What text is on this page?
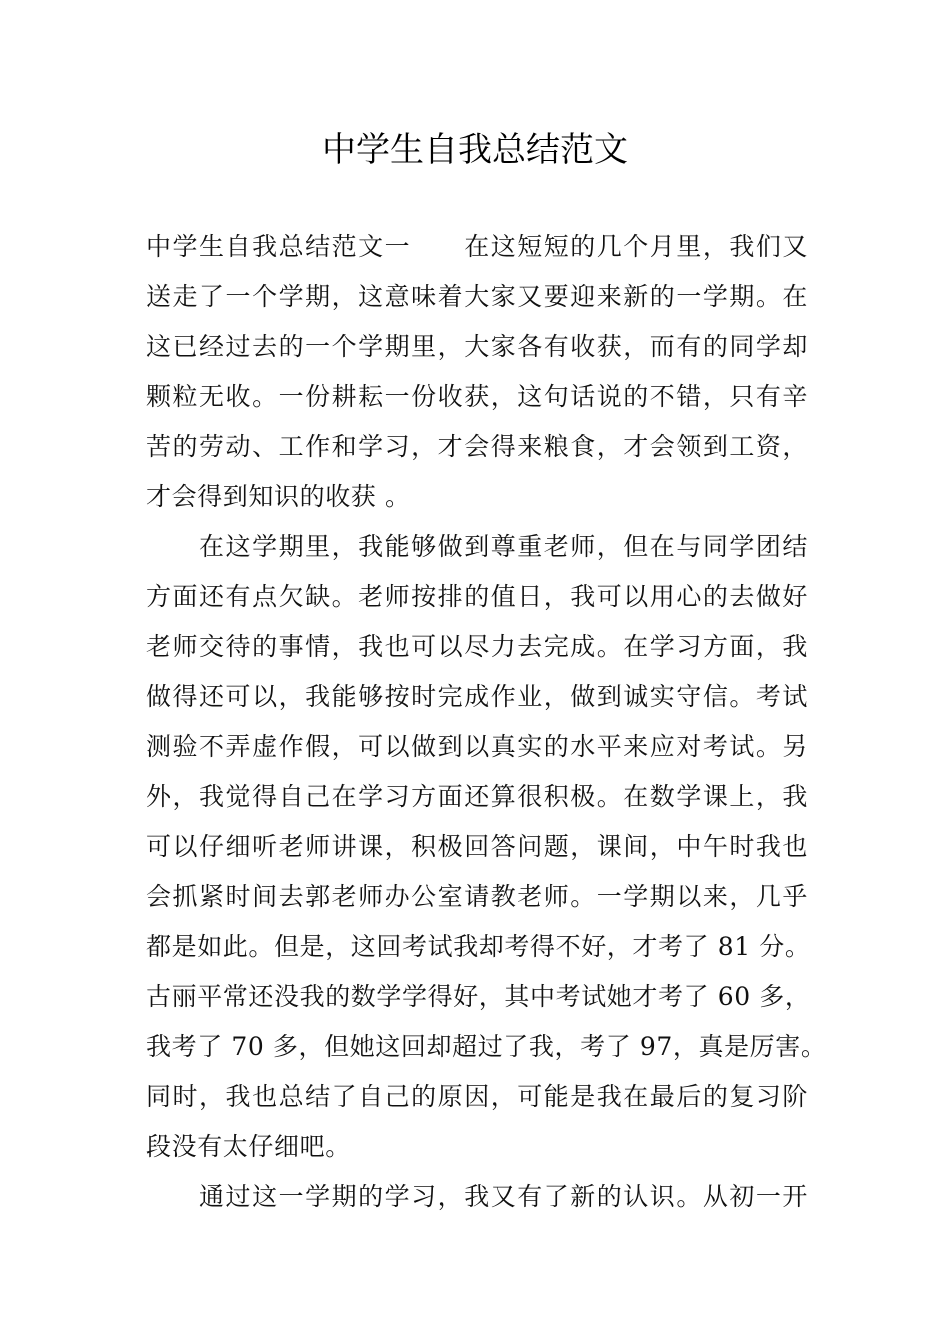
中学生自我总结范文
中学生自我总结范文一　　在这短短的几个月里，我们又
送走了一个学期，这意味着大家又要迎来新的一学期。在
这已经过去的一个学期里，大家各有收获，而有的同学却
颗粒无收。一份耕耘一份收获，这句话说的不错，只有辛
苦的劳动、工作和学习，才会得来粮食，才会领到工资，
才会得到知识的收获 。
　　在这学期里，我能够做到尊重老师，但在与同学团结
方面还有点欠缺。老师按排的值日，我可以用心的去做好
老师交待的事情，我也可以尽力去完成。在学习方面，我
做得还可以，我能够按时完成作业，做到诚实守信。考试
测验不弄虚作假，可以做到以真实的水平来应对考试。另
外，我觉得自己在学习方面还算很积极。在数学课上，我
可以仔细听老师讲课，积极回答问题，课间，中午时我也
会抓紧时间去郭老师办公室请教老师。一学期以来，几乎
都是如此。但是，这回考试我却考得不好，才考了 81 分。
古丽平常还没我的数学学得好，其中考试她才考了 60 多，
我考了 70 多，但她这回却超过了我，考了 97，真是厉害。
同时，我也总结了自己的原因，可能是我在最后的复习阶
段没有太仔细吧。
　　通过这一学期的学习，我又有了新的认识。从初一开
